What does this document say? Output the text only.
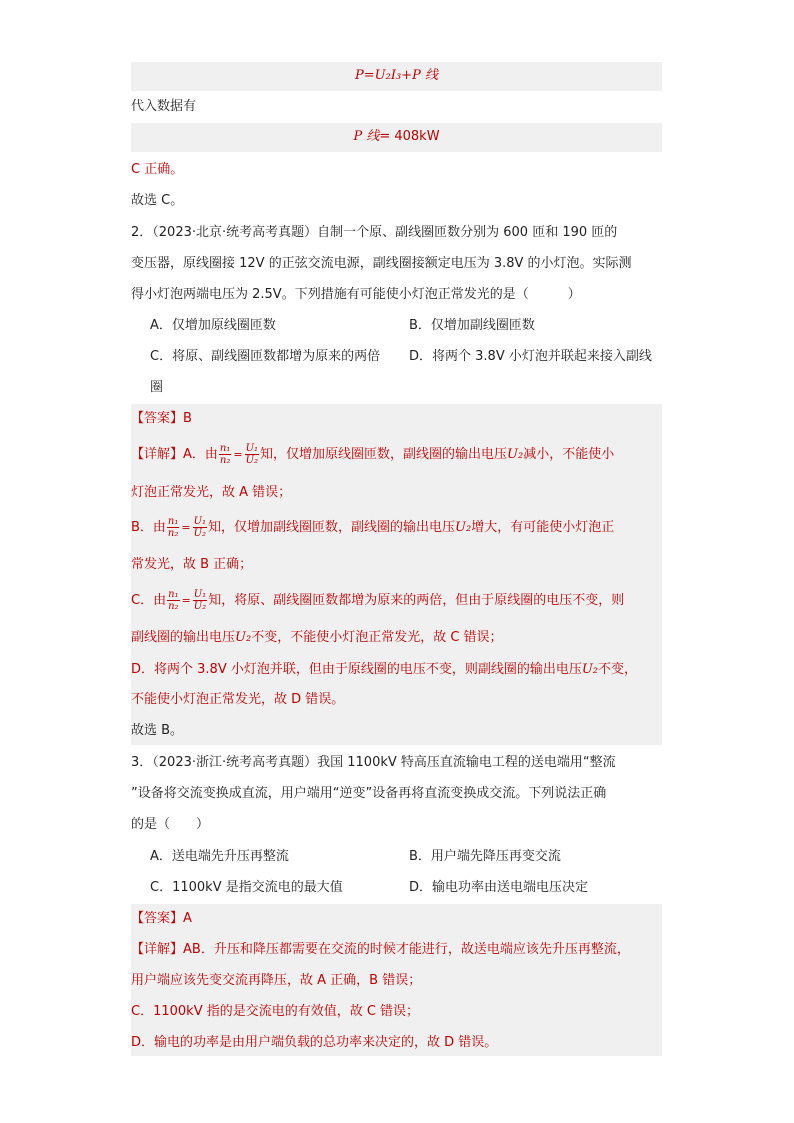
P=U₂I₃+P 线
代入数据有
P 线= 408kW
C 正确。
故选 C。
2．（2023·北京·统考高考真题）自制一个原、副线圈匝数分别为 600 匝和 190 匝的
变压器，原线圈接 12V 的正弦交流电源，副线圈接额定电压为 3.8V 的小灯泡。实际测
得小灯泡两端电压为 2.5V。下列措施有可能使小灯泡正常发光的是（　　　）
A．仅增加原线圈匝数	B．仅增加副线圈匝数
C．将原、副线圈匝数都增为原来的两倍 D．将两个 3.8V 小灯泡并联起来接入副线
圈
【答案】B
【详解】A．由 $\frac{\text{n₁}}{\text{n₂}} = \frac{\text{U₁}}{\text{U₂}}$ 知，仅增加原线圈匝数，副线圈的输出电压U₂减小，不能使小
灯泡正常发光，故 A 错误；
B．由 $\frac{\text{n₁}}{\text{n₂}} = \frac{\text{U₁}}{\text{U₂}}$ 知，仅增加副线圈匝数，副线圈的输出电压U₂增大，有可能使小灯泡正
常发光，故 B 正确；
C．由 $\frac{\text{n₁}}{\text{n₂}} = \frac{\text{U₁}}{\text{U₂}}$ 知，将原、副线圈匝数都增为原来的两倍，但由于原线圈的电压不变，则
副线圈的输出电压U₂不变，不能使小灯泡正常发光，故 C 错误；
D．将两个 3.8V 小灯泡并联，但由于原线圈的电压不变，则副线圈的输出电压U₂不变，
不能使小灯泡正常发光，故 D 错误。
故选 B。
3．（2023·浙江·统考高考真题）我国 1100kV 特高压直流输电工程的送电端用“整流
”设备将交流变换成直流，用户端用“逆变”设备再将直流变换成交流。下列说法正确
的是（　　）
A．送电端先升压再整流	B．用户端先降压再变交流
C．1100kV 是指交流电的最大值	D．输电功率由送电端电压决定
【答案】A
【详解】AB．升压和降压都需要在交流的时候才能进行，故送电端应该先升压再整流，
用户端应该先变交流再降压，故 A 正确，B 错误；
C．1100kV 指的是交流电的有效值，故 C 错误；
D．输电的功率是由用户端负载的总功率来决定的，故 D 错误。
